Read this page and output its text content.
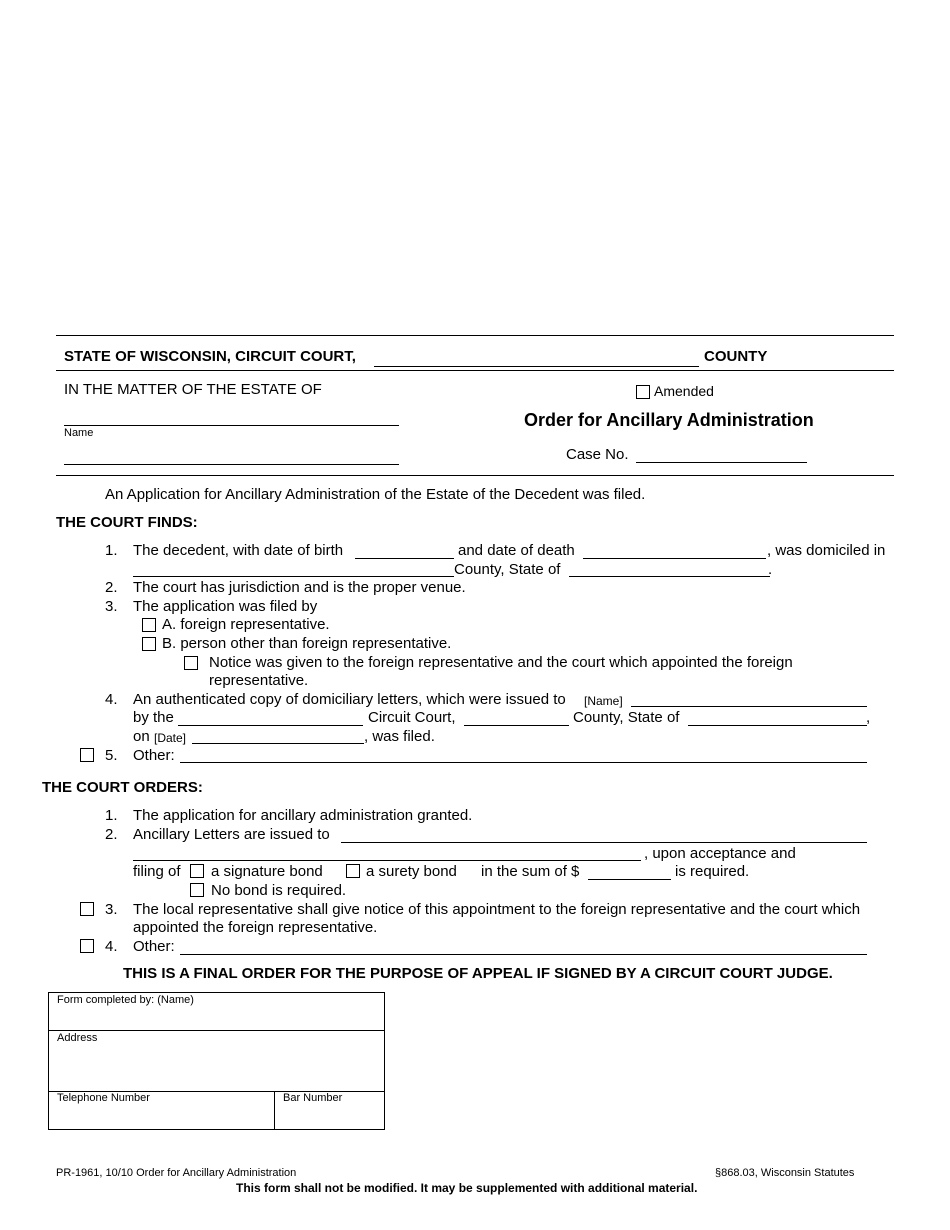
STATE OF WISCONSIN, CIRCUIT COURT,	COUNTY
IN THE MATTER OF THE ESTATE OF
Name
Amended
Order for Ancillary Administration
Case No.
An Application for Ancillary Administration of the Estate of the Decedent was filed.
THE COURT FINDS:
1. The decedent, with date of birth	and date of death	, was domiciled in
County, State of	.
2. The court has jurisdiction and is the proper venue.
3. The application was filed by
A. foreign representative.
B. person other than foreign representative.
Notice was given to the foreign representative and the court which appointed the foreign
representative.
4. An authenticated copy of domiciliary letters, which were issued to [Name]
by the	Circuit Court,	County, State of	,
on [Date]	, was filed.
5. Other:
THE COURT ORDERS:
1. The application for ancillary administration granted.
2. Ancillary Letters are issued to
, upon acceptance and
filing of a signature bond	a surety bond in the sum of $	is required.
No bond is required.
3. The local representative shall give notice of this appointment to the foreign representative and the court which
appointed the foreign representative.
4. Other:
THIS IS A FINAL ORDER FOR THE PURPOSE OF APPEAL IF SIGNED BY A CIRCUIT COURT JUDGE.
Form completed by: (Name)
Address
Telephone Number	Bar Number
PR-1961, 10/10 Order for Ancillary Administration	§868.03, Wisconsin Statutes
This form shall not be modified. It may be supplemented with additional material.
